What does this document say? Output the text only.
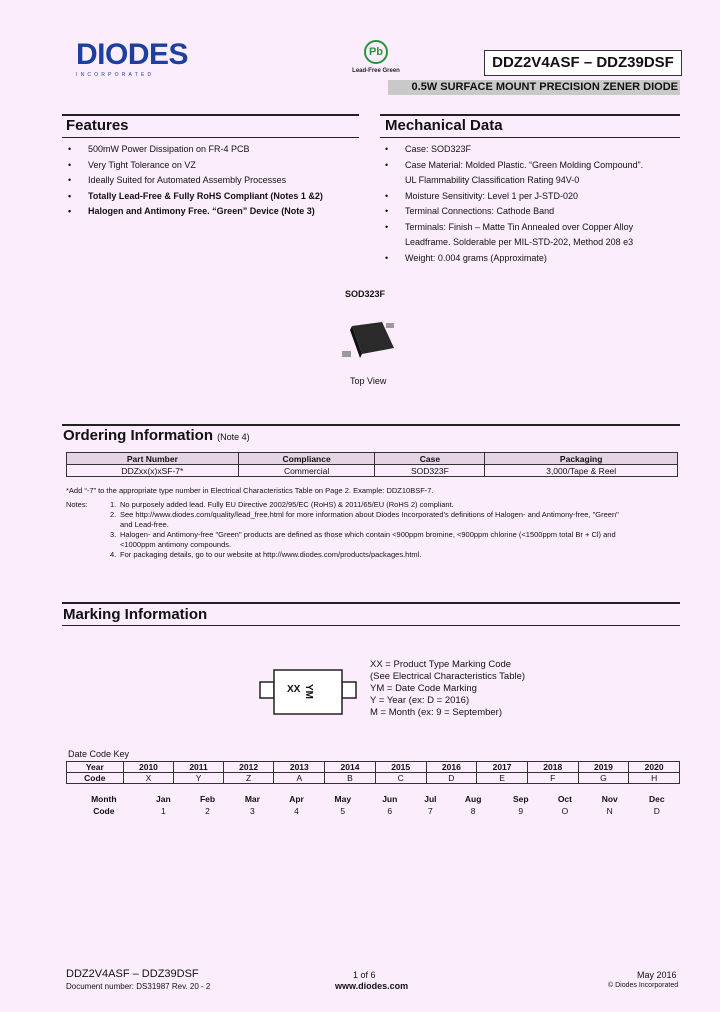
DIODES
INCORPORATED
Pb
Lead-Free Green	DDZ2V4ASF – DDZ39DSF
0.5W SURFACE MOUNT PRECISION ZENER DIODE
Features
• 500mW Power Dissipation on FR-4 PCB
• Very Tight Tolerance on VZ
• Ideally Suited for Automated Assembly Processes
• Totally Lead-Free & Fully RoHS Compliant (Notes 1 &2)
• Halogen and Antimony Free. “Green” Device (Note 3)
Mechanical Data
• Case: SOD323F
• Case Material: Molded Plastic. “Green Molding Compound”.
UL Flammability Classification Rating 94V-0
• Moisture Sensitivity: Level 1 per J-STD-020
• Terminal Connections: Cathode Band
• Terminals: Finish – Matte Tin Annealed over Copper Alloy
Leadframe. Solderable per MIL-STD-202, Method 208 e3
• Weight: 0.004 grams (Approximate)
SOD323F
Top View
Ordering Information (Note 4)
Part Number	Compliance	Case	Packaging
DDZxx(x)xSF-7*	Commercial	SOD323F	3,000/Tape & Reel
*Add “-7” to the appropriate type number in Electrical Characteristics Table on Page 2. Example: DDZ10BSF-7.
Notes:	1. No purposely added lead. Fully EU Directive 2002/95/EC (RoHS) & 2011/65/EU (RoHS 2) compliant.
2. See http://www.diodes.com/quality/lead_free.html for more information about Diodes Incorporated’s definitions of Halogen- and Antimony-free, "Green"
and Lead-free.
3. Halogen- and Antimony-free "Green" products are defined as those which contain <900ppm bromine, <900ppm chlorine (<1500ppm total Br + Cl) and
<1000ppm antimony compounds.
4. For packaging details, go to our website at http://www.diodes.com/products/packages.html.
Marking Information
XX YM
XX = Product Type Marking Code
(See Electrical Characteristics Table)
YM = Date Code Marking
Y = Year (ex: D = 2016)
M = Month (ex: 9 = September)
Date Code Key
Year	2010	2011	2012	2013	2014	2015	2016	2017	2018	2019	2020
Code	X	Y	Z	A	B	C	D	E	F	G	H
Month	Jan	Feb	Mar	Apr	May	Jun	Jul	Aug	Sep	Oct	Nov	Dec
Code	1	2	3	4	5	6	7	8	9	O	N	D
DDZ2V4ASF – DDZ39DSF
Document number: DS31987 Rev. 20 - 2
1 of 6
www.diodes.com
May 2016
© Diodes Incorporated
